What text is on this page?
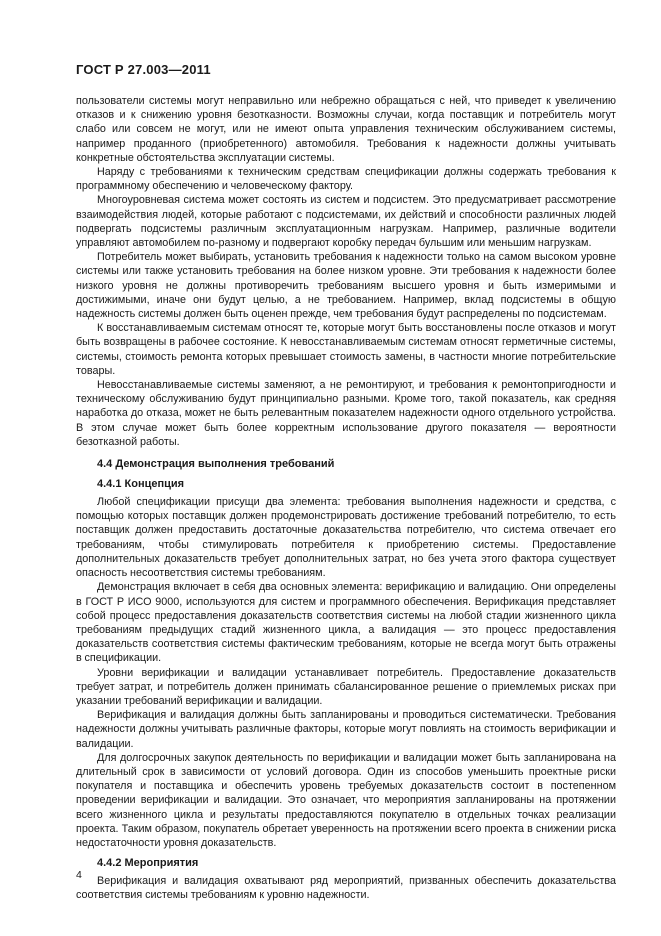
ГОСТ Р 27.003—2011

пользователи системы могут неправильно или небрежно обращаться с ней, что приведет к увеличению отказов и к снижению уровня безотказности. Возможны случаи, когда поставщик и потребитель могут слабо или совсем не могут, или не имеют опыта управления техническим обслуживанием системы, например проданного (приобретенного) автомобиля. Требования к надежности должны учитывать конкретные обстоятельства эксплуатации системы.

Наряду с требованиями к техническим средствам спецификации должны содержать требования к программному обеспечению и человеческому фактору.

Многоуровневая система может состоять из систем и подсистем. Это предусматривает рассмотрение взаимодействия людей, которые работают с подсистемами, их действий и способности различных людей подвергать подсистемы различным эксплуатационным нагрузкам. Например, различные водители управляют автомобилем по-разному и подвергают коробку передач бульшим или меньшим нагрузкам.

Потребитель может выбирать, установить требования к надежности только на самом высоком уровне системы или также установить требования на более низком уровне. Эти требования к надежности более низкого уровня не должны противоречить требованиям высшего уровня и быть измеримыми и достижимыми, иначе они будут целью, а не требованием. Например, вклад подсистемы в общую надежность системы должен быть оценен прежде, чем требования будут распределены по подсистемам.

К восстанавливаемым системам относят те, которые могут быть восстановлены после отказов и могут быть возвращены в рабочее состояние. К невосстанавливаемым системам относят герметичные системы, системы, стоимость ремонта которых превышает стоимость замены, в частности многие потребительские товары.

Невосстанавливаемые системы заменяют, а не ремонтируют, и требования к ремонтопригодности и техническому обслуживанию будут принципиально разными. Кроме того, такой показатель, как средняя наработка до отказа, может не быть релевантным показателем надежности одного отдельного устройства. В этом случае может быть более корректным использование другого показателя — вероятности безотказной работы.

4.4 Демонстрация выполнения требований
4.4.1 Концепция

Любой спецификации присущи два элемента: требования выполнения надежности и средства, с помощью которых поставщик должен продемонстрировать достижение требований потребителю, то есть поставщик должен предоставить достаточные доказательства потребителю, что система отвечает его требованиям, чтобы стимулировать потребителя к приобретению системы. Предоставление дополнительных доказательств требует дополнительных затрат, но без учета этого фактора существует опасность несоответствия системы требованиям.

Демонстрация включает в себя два основных элемента: верификацию и валидацию. Они определены в ГОСТ Р ИСО 9000, используются для систем и программного обеспечения. Верификация представляет собой процесс предоставления доказательств соответствия системы на любой стадии жизненного цикла требованиям предыдущих стадий жизненного цикла, а валидация — это процесс предоставления доказательств соответствия системы фактическим требованиям, которые не всегда могут быть отражены в спецификации.

Уровни верификации и валидации устанавливает потребитель. Предоставление доказательств требует затрат, и потребитель должен принимать сбалансированное решение о приемлемых рисках при указании требований верификации и валидации.

Верификация и валидация должны быть запланированы и проводиться систематически. Требования надежности должны учитывать различные факторы, которые могут повлиять на стоимость верификации и валидации.

Для долгосрочных закупок деятельность по верификации и валидации может быть запланирована на длительный срок в зависимости от условий договора. Один из способов уменьшить проектные риски покупателя и поставщика и обеспечить уровень требуемых доказательств состоит в постепенном проведении верификации и валидации. Это означает, что мероприятия запланированы на протяжении всего жизненного цикла и результаты предоставляются покупателю в отдельных точках реализации проекта. Таким образом, покупатель обретает уверенность на протяжении всего проекта в снижении риска недостаточности уровня доказательств.

4.4.2 Мероприятия

Верификация и валидация охватывают ряд мероприятий, призванных обеспечить доказательства соответствия системы требованиям к уровню надежности.

4
